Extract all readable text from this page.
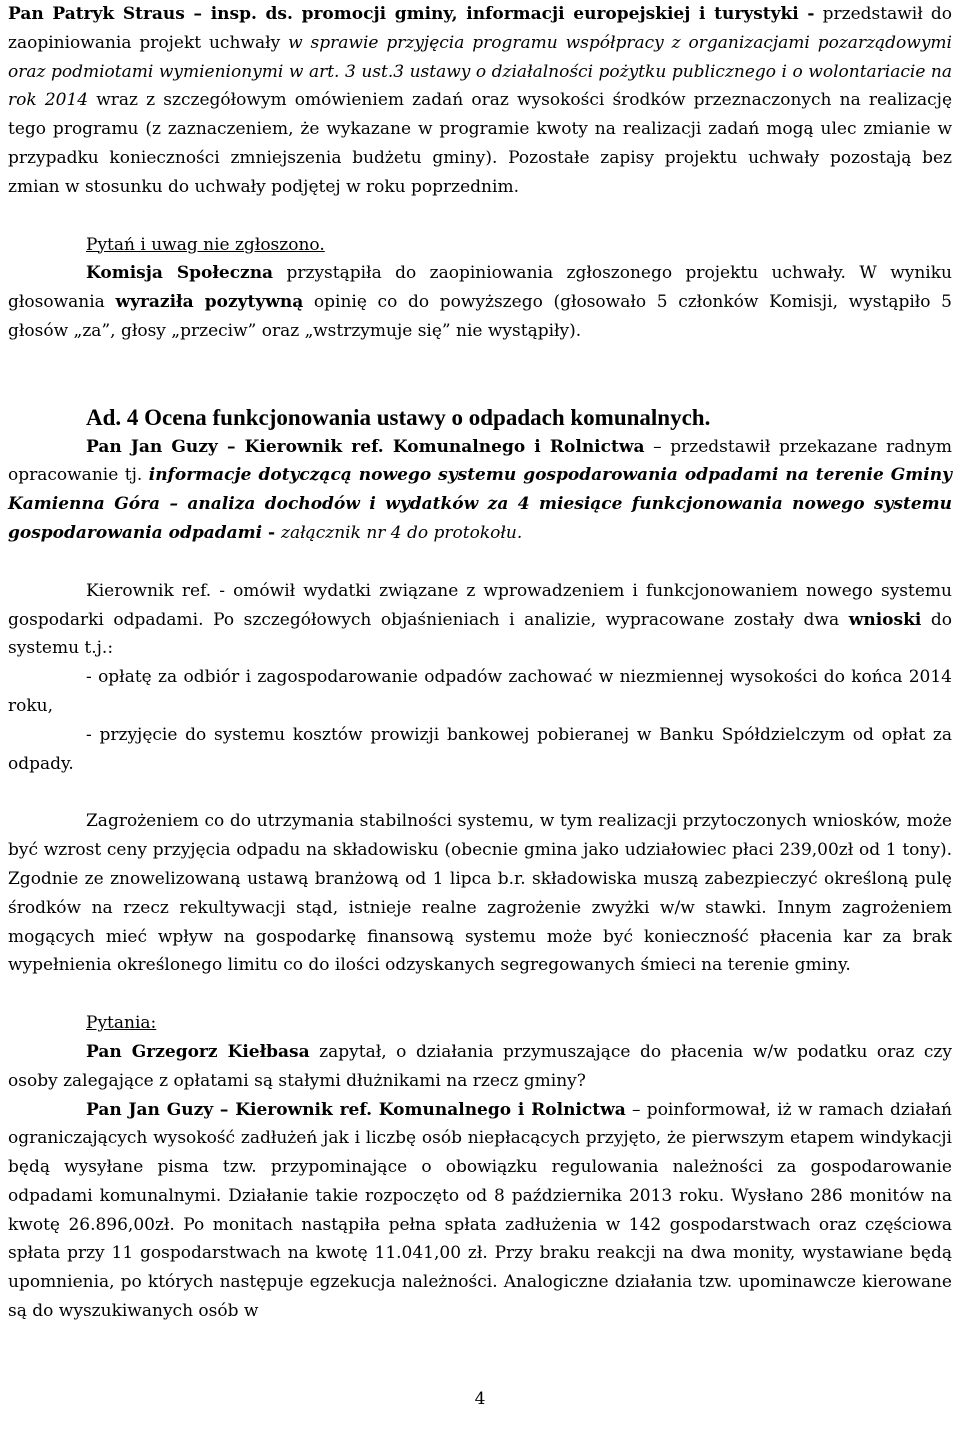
Pan Patryk Straus – insp. ds. promocji gminy, informacji europejskiej i turystyki - przedstawił do zaopiniowania projekt uchwały w sprawie przyjęcia programu współpracy z organizacjami pozarządowymi oraz podmiotami wymienionymi w art. 3 ust.3 ustawy o działalności pożytku publicznego i o wolontariacie na rok 2014 wraz z szczegółowym omówieniem zadań oraz wysokości środków przeznaczonych na realizację tego programu (z zaznaczeniem, że wykazane w programie kwoty na realizacji zadań mogą ulec zmianie w przypadku konieczności zmniejszenia budżetu gminy). Pozostałe zapisy projektu uchwały pozostają bez zmian w stosunku do uchwały podjętej w roku poprzednim.

Pytań i uwag nie zgłoszono.

Komisja Społeczna przystąpiła do zaopiniowania zgłoszonego projektu uchwały. W wyniku głosowania wyraziła pozytywną opinię co do powyższego (głosowało 5 członków Komisji, wystąpiło 5 głosów „za”, głosy „przeciw” oraz „wstrzymuje się” nie wystąpiły).

Ad. 4 Ocena funkcjonowania ustawy o odpadach komunalnych.

Pan Jan Guzy – Kierownik ref. Komunalnego i Rolnictwa – przedstawił przekazane radnym opracowanie tj. informacje dotyczącą nowego systemu gospodarowania odpadami na terenie Gminy Kamienna Góra – analiza dochodów i wydatków za 4 miesiące funkcjonowania nowego systemu gospodarowania odpadami - załącznik nr 4 do protokołu.

Kierownik ref. - omówił wydatki związane z wprowadzeniem i funkcjonowaniem nowego systemu gospodarki odpadami. Po szczegółowych objaśnieniach i analizie, wypracowane zostały dwa wnioski do systemu t.j.:

- opłatę za odbiór i zagospodarowanie odpadów zachować w niezmiennej wysokości do końca 2014 roku,

- przyjęcie do systemu kosztów prowizji bankowej pobieranej w Banku Spółdzielczym od opłat za odpady.

Zagrożeniem co do utrzymania stabilności systemu, w tym realizacji przytoczonych wniosków, może być wzrost ceny przyjęcia odpadu na składowisku (obecnie gmina jako udziałowiec płaci 239,00zł od 1 tony). Zgodnie ze znowelizowaną ustawą branżową od 1 lipca b.r. składowiska muszą zabezpieczyć określoną pulę środków na rzecz rekultywacji stąd, istnieje realne zagrożenie zwyżki w/w stawki. Innym zagrożeniem mogących mieć wpływ na gospodarkę finansową systemu może być konieczność płacenia kar za brak wypełnienia określonego limitu co do ilości odzyskanych segregowanych śmieci na terenie gminy.

Pytania:

Pan Grzegorz Kiełbasa zapytał, o działania przymuszające do płacenia w/w podatku oraz czy osoby zalegające z opłatami są stałymi dłużnikami na rzecz gminy?

Pan Jan Guzy – Kierownik ref. Komunalnego i Rolnictwa – poinformował, iż w ramach działań ograniczających wysokość zadłużeń jak i liczbę osób niepłacących przyjęto, że pierwszym etapem windykacji będą wysyłane pisma tzw. przypominające o obowiązku regulowania należności za gospodarowanie odpadami komunalnymi. Działanie takie rozpoczęto od 8 października 2013 roku. Wysłano 286 monitów na kwotę 26.896,00zł. Po monitach nastąpiła pełna spłata zadłużenia w 142 gospodarstwach oraz częściowa spłata przy 11 gospodarstwach na kwotę 11.041,00 zł. Przy braku reakcji na dwa monity, wystawiane będą upomnienia, po których następuje egzekucja należności. Analogiczne działania tzw. upominawcze kierowane są do wyszukiwanych osób w

4
